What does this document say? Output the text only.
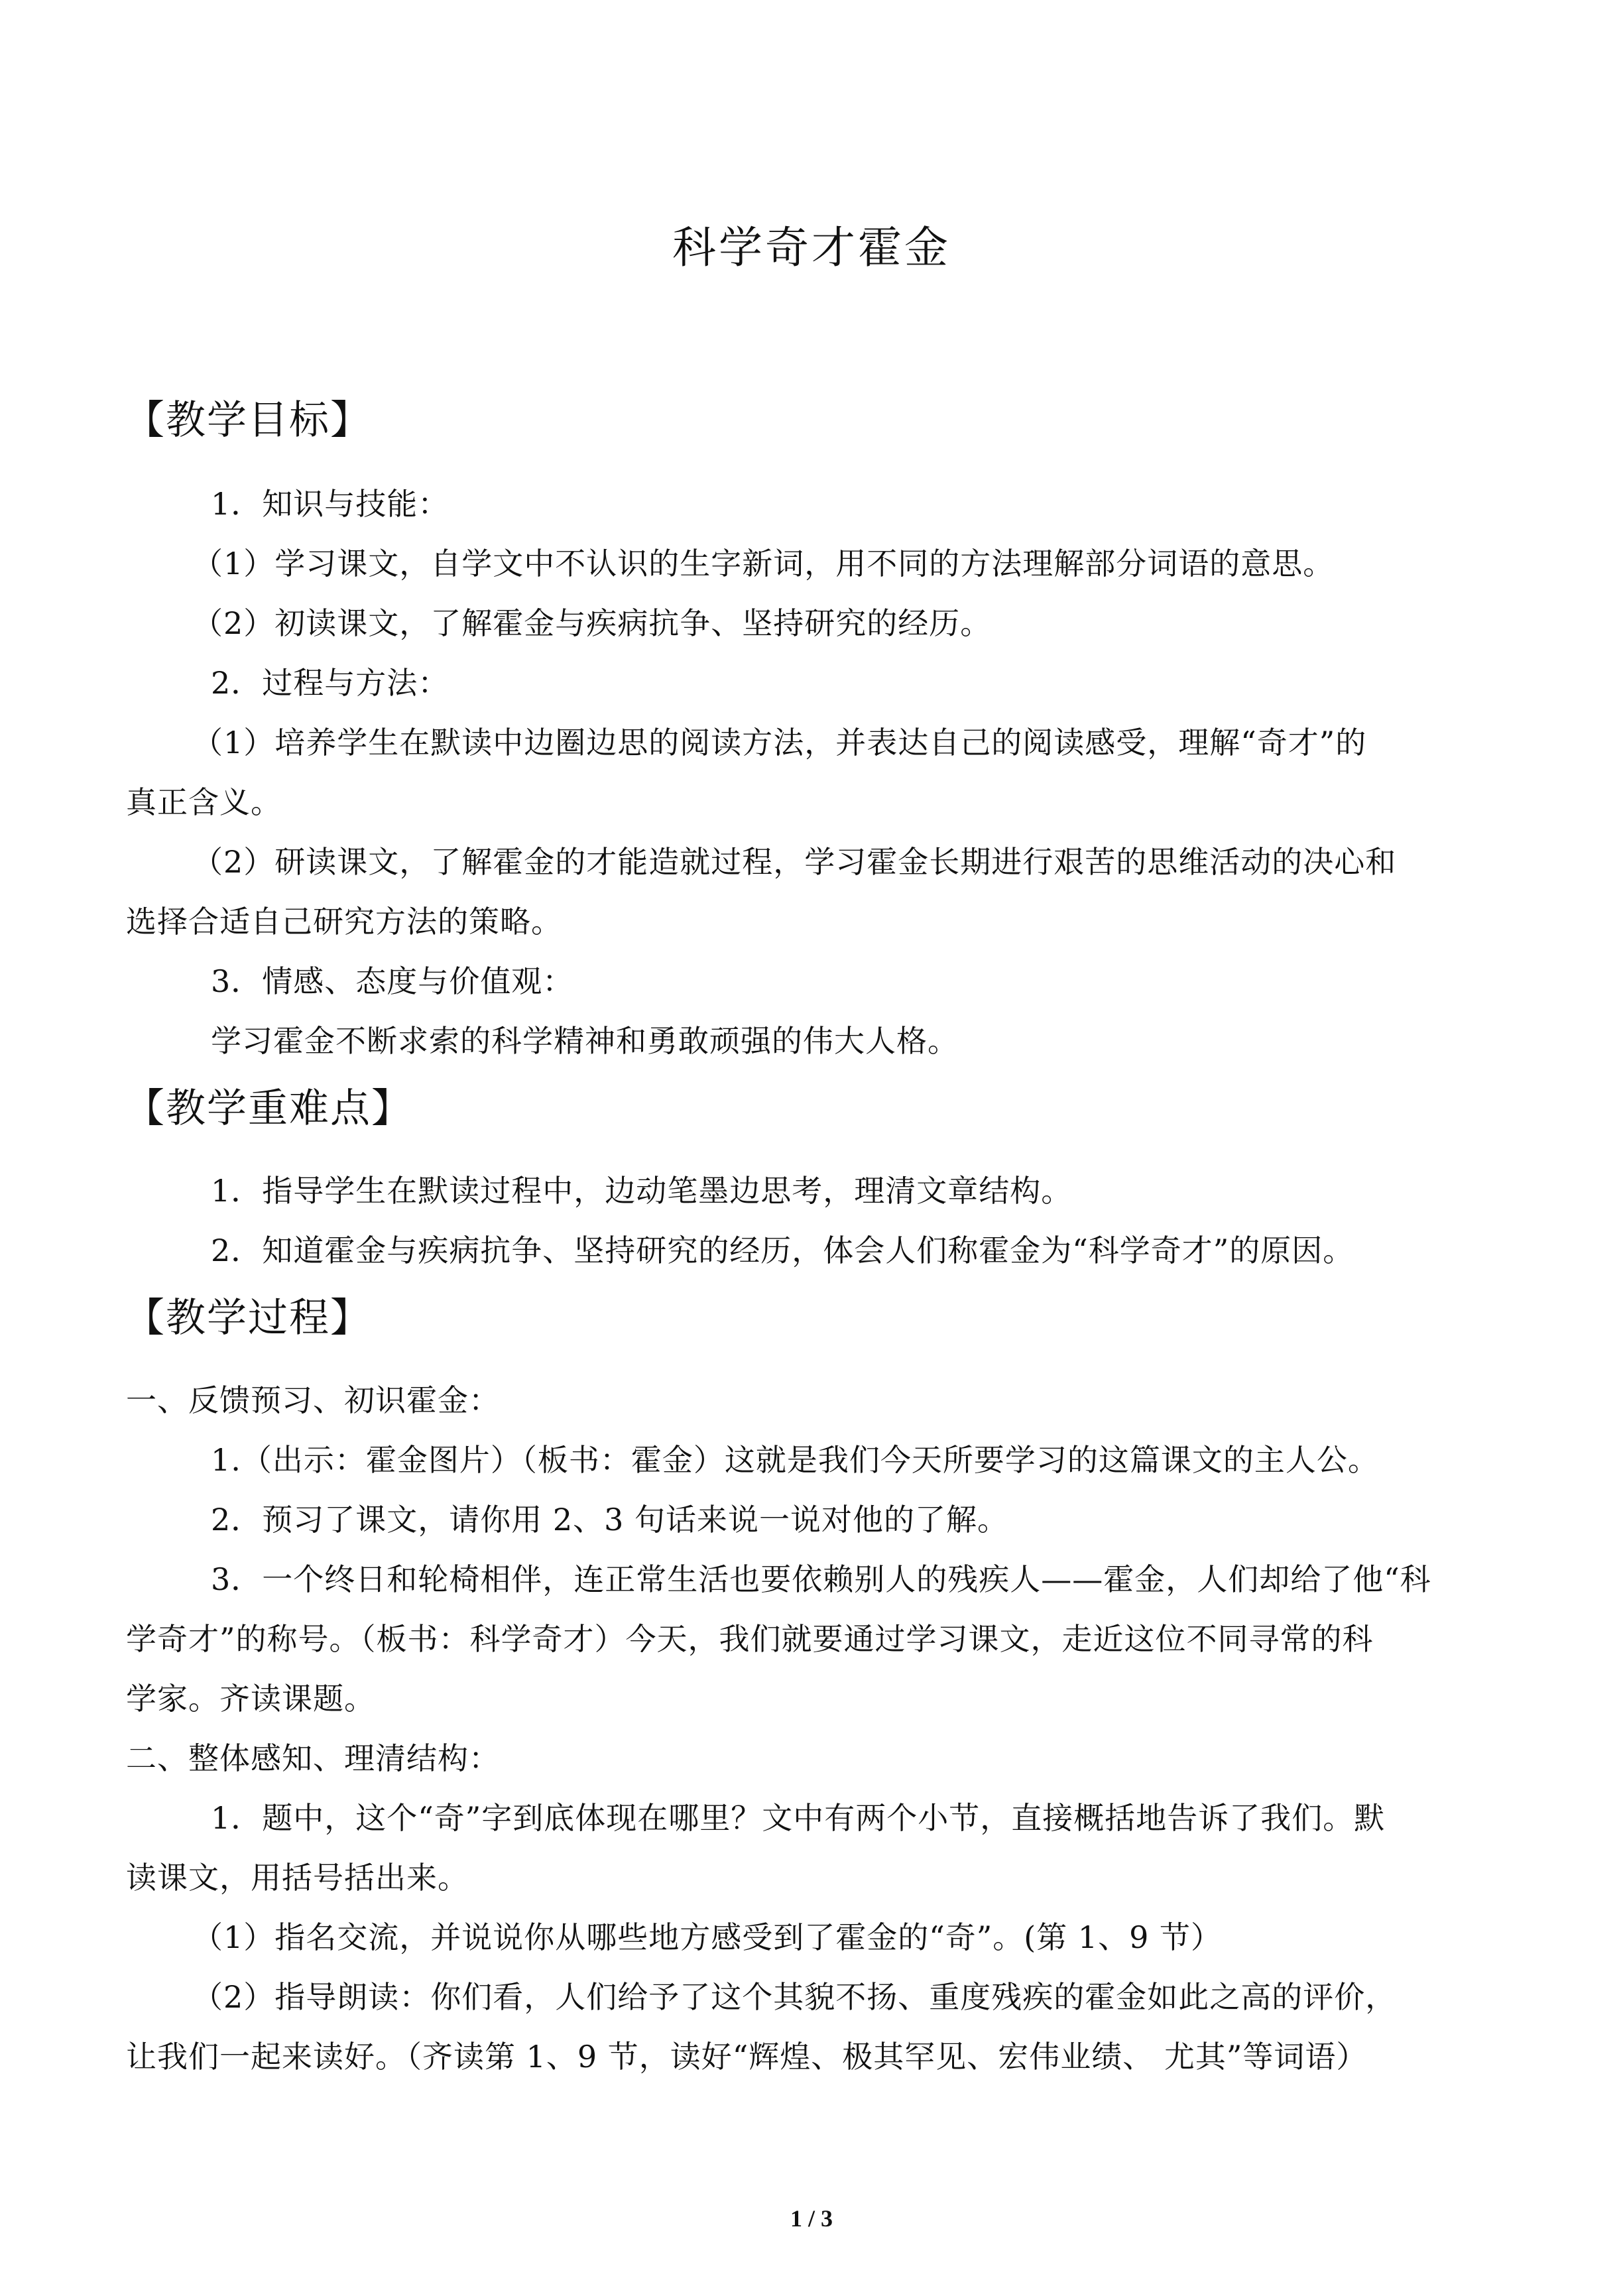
科学奇才霍金
【教学目标】
1．知识与技能：
（1）学习课文，自学文中不认识的生字新词，用不同的方法理解部分词语的意思。
（2）初读课文，了解霍金与疾病抗争、坚持研究的经历。
2．过程与方法：
（1）培养学生在默读中边圈边思的阅读方法，并表达自己的阅读感受，理解“奇才”的
真正含义。
（2）研读课文，了解霍金的才能造就过程，学习霍金长期进行艰苦的思维活动的决心和
选择合适自己研究方法的策略。
3．情感、态度与价值观：
学习霍金不断求索的科学精神和勇敢顽强的伟大人格。
【教学重难点】
1．指导学生在默读过程中，边动笔墨边思考，理清文章结构。
2．知道霍金与疾病抗争、坚持研究的经历，体会人们称霍金为“科学奇才”的原因。
【教学过程】
一、反馈预习、初识霍金：
1.（出示：霍金图片）（板书：霍金）这就是我们今天所要学习的这篇课文的主人公。
2．预习了课文，请你用 2、3 句话来说一说对他的了解。
3．一个终日和轮椅相伴，连正常生活也要依赖别人的残疾人——霍金，人们却给了他“科
学奇才”的称号。（板书：科学奇才）今天，我们就要通过学习课文，走近这位不同寻常的科
学家。齐读课题。
二、整体感知、理清结构：
1．题中，这个“奇”字到底体现在哪里？文中有两个小节，直接概括地告诉了我们。默
读课文，用括号括出来。
（1）指名交流，并说说你从哪些地方感受到了霍金的“奇”。(第 1、9 节）
（2）指导朗读：你们看，人们给予了这个其貌不扬、重度残疾的霍金如此之高的评价，
让我们一起来读好。（齐读第 1、9 节，读好“辉煌、极其罕见、宏伟业绩、 尤其”等词语）
1 / 3
